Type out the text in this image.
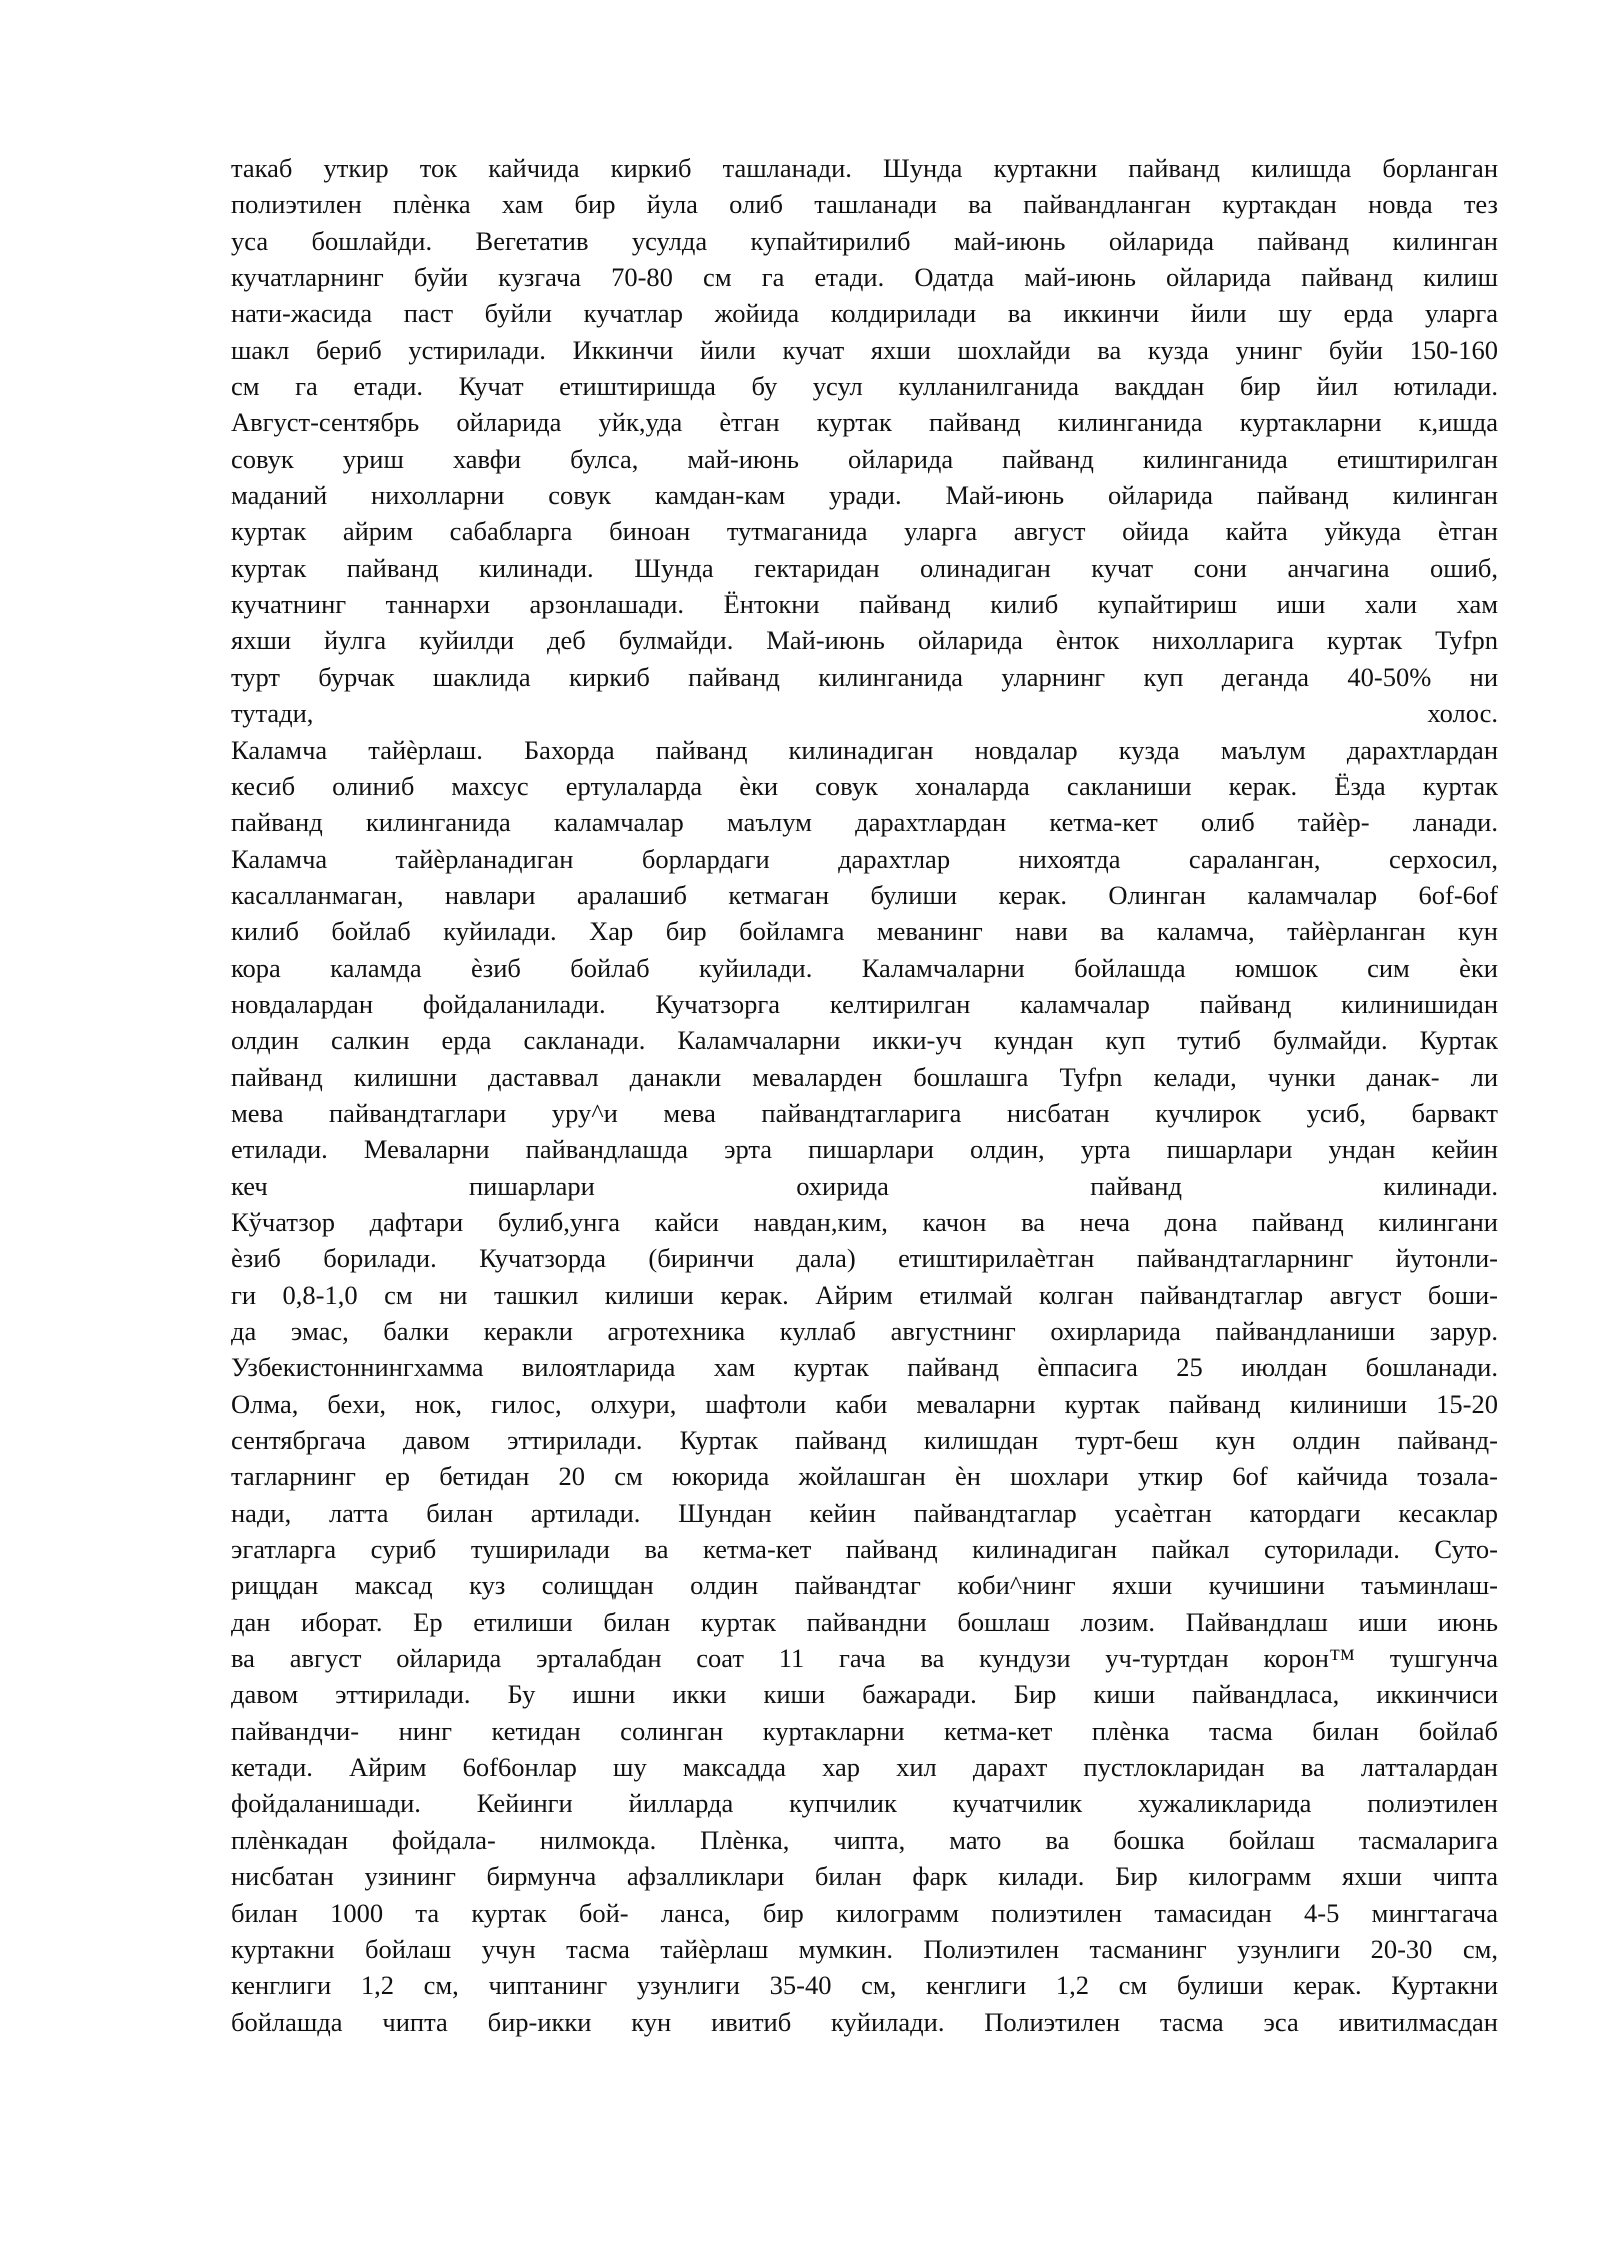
такаб уткир ток кайчида киркиб ташланади. Шунда куртакни пайванд килишда борланган
полиэтилен плѐнка хам бир йула олиб ташланади ва пайвандланган куртакдан новда тез
уса бошлайди. Вегетатив усулда купайтирилиб май-июнь ойларида пайванд килинган
кучатларнинг буйи кузгача 70-80 см га етади. Одатда май-июнь ойларида пайванд килиш
нати-жасида паст буйли кучатлар жойида колдирилади ва иккинчи йили шу ерда уларга
шакл бериб устирилади. Иккинчи йили кучат яхши шохлайди ва кузда унинг буйи 150-160
см га етади. Кучат етиштиришда бу усул кулланилганида вакддан бир йил ютилади.
Август-сентябрь ойларида уйк,уда ѐтган куртак пайванд килинганида куртакларни к,ишда
совук уриш хавфи булса, май-июнь ойларида пайванд килинганида етиштирилган
маданий нихолларни совук камдан-кам уради. Май-июнь ойларида пайванд килинган
куртак айрим сабабларга биноан тутмаганида уларга август ойида кайта уйкуда ѐтган
куртак пайванд килинади. Шунда гектаридан олинадиган кучат сони анчагина ошиб,
кучатнинг таннархи арзонлашади. Ёнтокни пайванд килиб купайтириш иши хали хам
яхши йулга куйилди деб булмайди. Май-июнь ойларида ѐнток нихолларига куртак Tyfpn
турт бурчак шаклида киркиб пайванд килинганида уларнинг куп деганда 40-50% ни
тутади, холос.
Каламча тайѐрлаш. Бахорда пайванд килинадиган новдалар кузда маълум дарахтлардан
кесиб олиниб махсус ертулаларда ѐки совук хоналарда сакланиши керак. Ёзда куртак
пайванд килинганида каламчалар маълум дарахтлардан кетма-кет олиб тайѐр- ланади.
Каламча тайѐрланадиган борлардаги дарахтлар нихоятда сараланган, серхосил,
касалланмаган, навлари аралашиб кетмаган булиши керак. Олинган каламчалар 6of-6of
килиб бойлаб куйилади. Хар бир бойламга меванинг нави ва каламча, тайѐрланган кун
кора каламда ѐзиб бойлаб куйилади. Каламчаларни бойлашда юмшок сим ѐки
новдалардан фойдаланилади. Кучатзорга келтирилган каламчалар пайванд килинишидан
олдин салкин ерда сакланади. Каламчаларни икки-уч кундан куп тутиб булмайди. Куртак
пайванд килишни даставвал данакли меваларден бошлашга Tyfpn келади, чунки данак- ли
мева пайвандтаглари уру^и мева пайвандтагларига нисбатан кучлирок усиб, барвакт
етилади. Меваларни пайвандлашда эрта пишарлари олдин, урта пишарлари ундан кейин
кеч пишарлари охирида пайванд килинади.
Кўчатзор дафтари булиб,унга кайси навдан,ким, качон ва неча дона пайванд килингани
ѐзиб борилади. Кучатзорда (биринчи дала) етиштирилаѐтган пайвандтагларнинг йутонли-
ги 0,8-1,0 см ни ташкил килиши керак. Айрим етилмай колган пайвандтаглар август боши-
да эмас, балки керакли агротехника куллаб августнинг охирларида пайвандланиши зарур.
Узбекистоннингхамма вилоятларида хам куртак пайванд ѐппасига 25 июлдан бошланади.
Олма, бехи, нок, гилос, олхури, шафтоли каби меваларни куртак пайванд килиниши 15-20
сентябргача давом эттирилади. Куртак пайванд килишдан турт-беш кун олдин пайванд-
тагларнинг ер бетидан 20 см юкорида жойлашган ѐн шохлари уткир 6of кайчида тозала-
нади, латта билан артилади. Шундан кейин пайвандтаглар усаѐтган катордаги кесаклар
эгатларга суриб туширилади ва кетма-кет пайванд килинадиган пайкал суторилади. Суто-
рищдан максад куз солищдан олдин пайвандтаг коби^нинг яхши кучишини таъминлаш-
дан иборат. Ер етилиши билан куртак пайвандни бошлаш лозим. Пайвандлаш иши июнь
ва август ойларида эрталабдан соат 11 гача ва кундузи уч-туртдан корон™ тушгунча
давом эттирилади. Бу ишни икки киши бажаради. Бир киши пайвандласа, иккинчиси
пайвандчи- нинг кетидан солинган куртакларни кетма-кет плѐнка тасма билан бойлаб
кетади. Айрим 6of6онлар шу максадда хар хил дарахт пустлокларидан ва латталардан
фойдаланишади. Кейинги йилларда купчилик кучатчилик хужаликларида полиэтилен
плѐнкадан фойдала- нилмокда. Плѐнка, чипта, мато ва бошка бойлаш тасмаларига
нисбатан узининг бирмунча афзалликлари билан фарк килади. Бир килограмм яхши чипта
билан 1000 та куртак бой- ланса, бир килограмм полиэтилен тамасидан 4-5 мингтагача
куртакни бойлаш учун тасма тайѐрлаш мумкин. Полиэтилен тасманинг узунлиги 20-30 см,
кенглиги 1,2 см, чиптанинг узунлиги 35-40 см, кенглиги 1,2 см булиши керак. Куртакни
бойлашда чипта бир-икки кун ивитиб куйилади. Полиэтилен тасма эса ивитилмасдан
